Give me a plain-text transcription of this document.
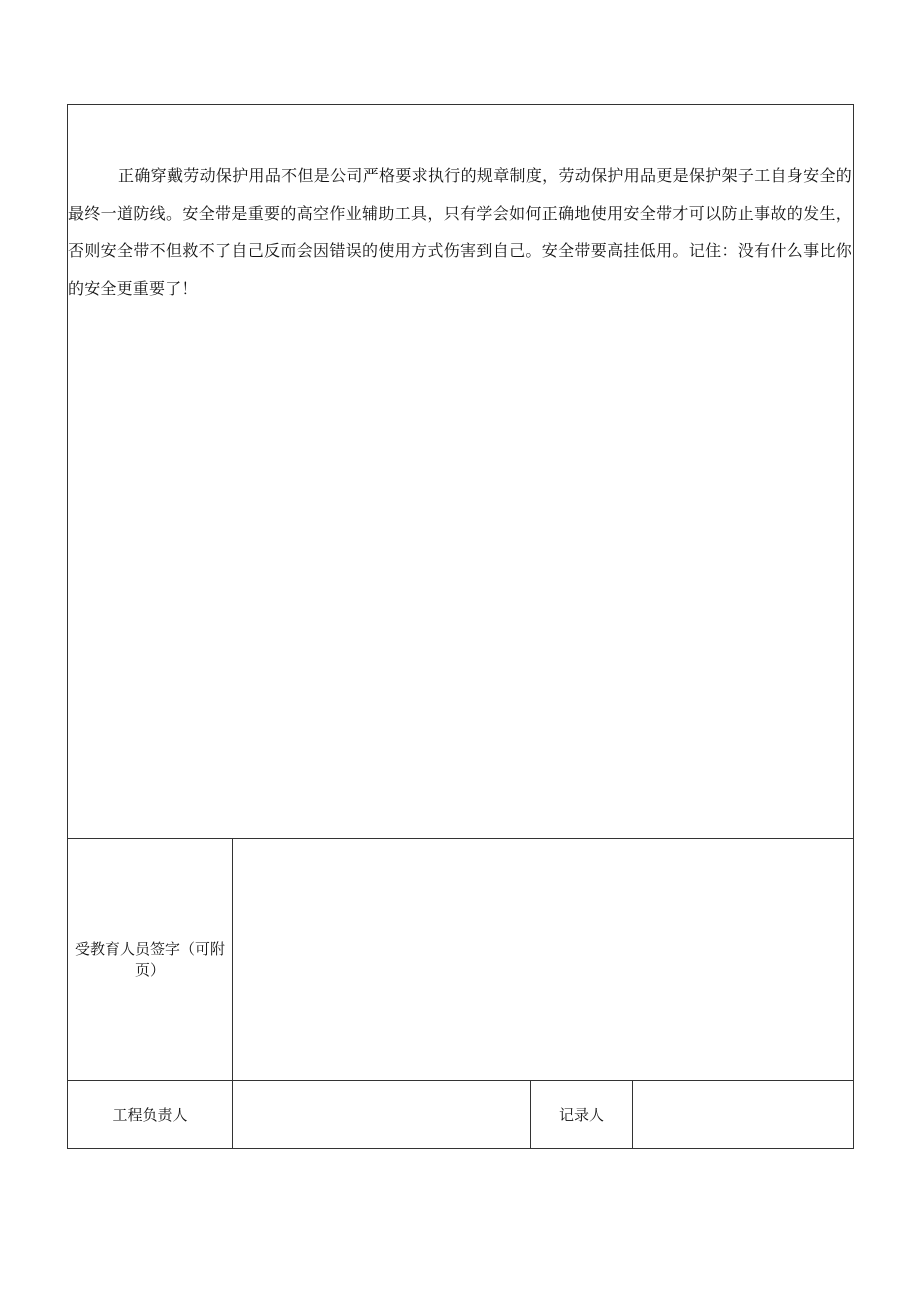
正确穿戴劳动保护用品不但是公司严格要求执行的规章制度，劳动保护用品更是保护架子工自身安全的最终一道防线。安全带是重要的高空作业辅助工具，只有学会如何正确地使用安全带才可以防止事故的发生，否则安全带不但救不了自己反而会因错误的使用方式伤害到自己。安全带要高挂低用。记住：没有什么事比你的安全更重要了！			

受教育人员签字（可附页）			
工程负责人		记录人	
